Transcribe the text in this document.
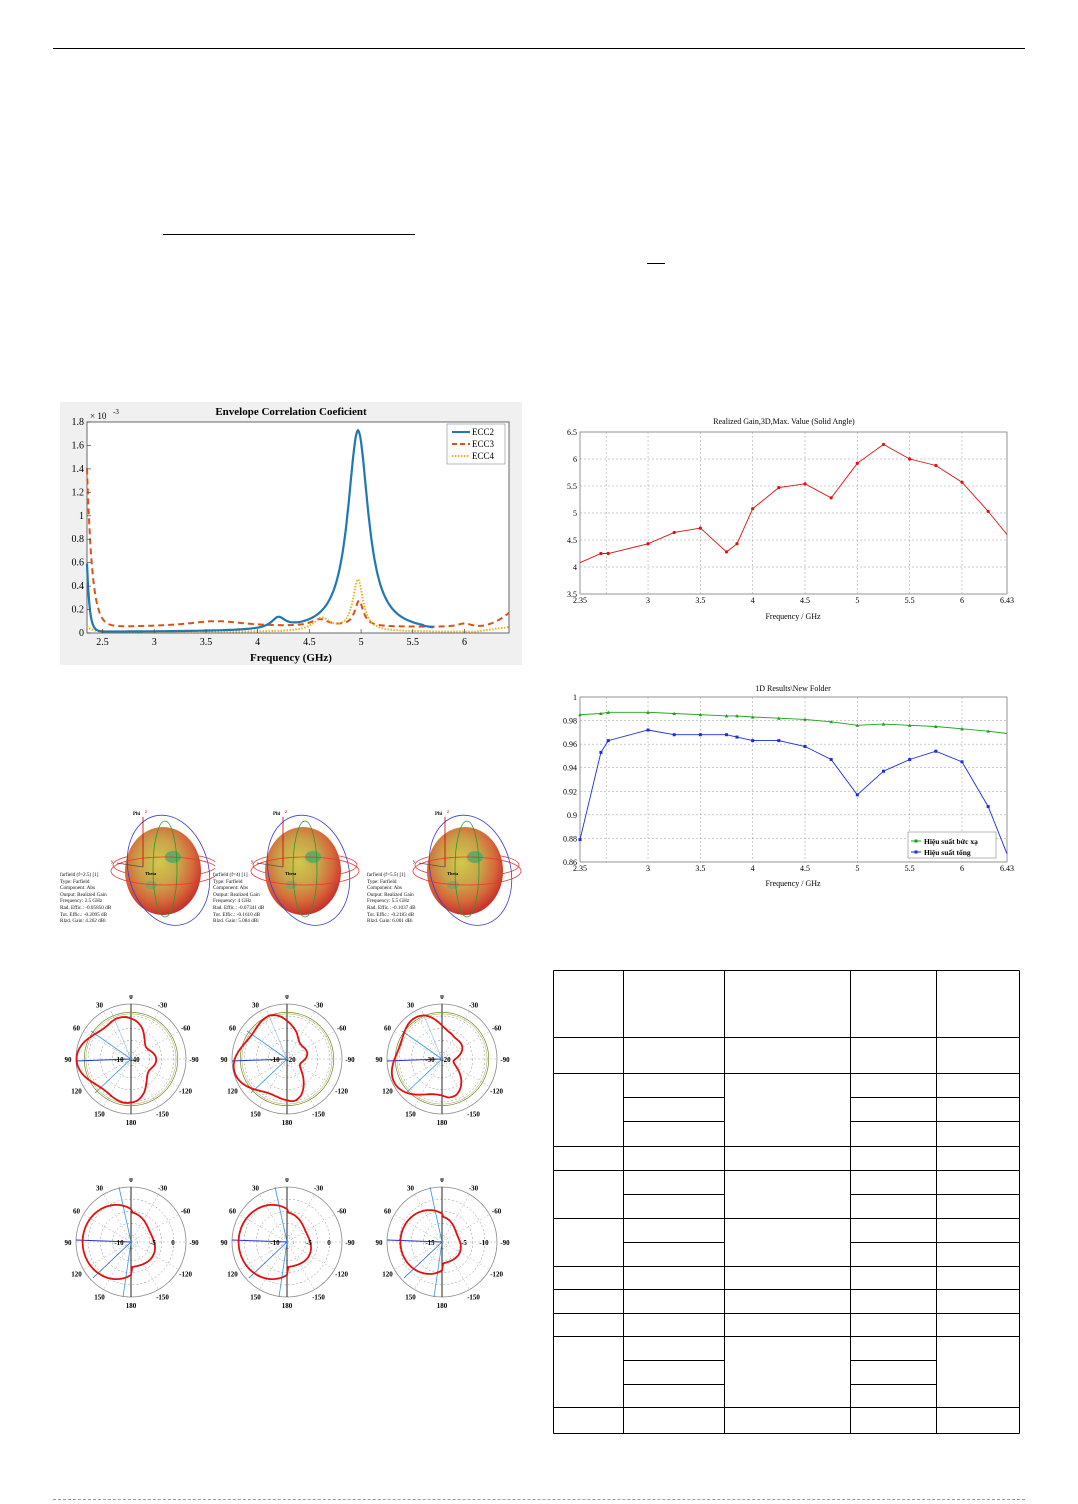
Envelope Correlation Coeficient
× 10 -3
Frequency (GHz)
2.5	3	3.5	4	4.5	5	5.5	6
0
0.2
0.4
0.6
0.8
1
1.2
1.4
1.6
1.8
ECC2
ECC3
ECC4
Realized Gain,3D,Max. Value (Solid Angle)
2.35	3	3.5	4	4.5	5	5.5	6	6.43
3.5
4
4.5
5
5.5
6
6.5
Frequency / GHz
1D Results\New Folder
2.35	3	3.5	4	4.5	5	5.5	6	6.43
0.86
0.88
0.9
0.92
0.94
0.96
0.98
1
Hiệu suất bức xạ
Hiệu suất tổng
Frequency / GHz
Phi z
y
Theta
farfield (f=2.5) [1]
Type: Farfield
Component: Abs
Output: Realized Gain
Frequency: 2.5 GHz
Rad. Effic.: -0.05850 dB
Tot. Effic.: -0.2095 dB
Rlzd. Gain: 4.262 dBi
Phi z
y
Theta
farfield (f=4) [1]
Type: Farfield
Component: Abs
Output: Realized Gain
Frequency: 4 GHz
Rad. Effic.: -0.07341 dB
Tot. Effic.: -0.1610 dB
Rlzd. Gain: 5.084 dBi
Phi z
y
Theta
farfield (f=5.5) [1]
Type: Farfield
Component: Abs
Output: Realized Gain
Frequency: 5.5 GHz
Rad. Effic.: -0.1037 dB
Tot. Effic.: -0.2183 dB
Rlzd. Gain: 6.001 dBi
0
-30
-60
-90
-120
-150
180
150
120
90
60
30
-10 -40
0
-30
-60
-90
-120
-150
180
150
120
90
60
30
-10 -20
0
-30
-60
-90
-120
-150
180
150
120
90
60
30
-30 -20
0
-30
-60
-90
-120
-150
180
150
120
90
60
30
0
-5
-10
0
-30
-60
-90
-120
-150
180
150
120
90
60
30
0
-5
-10
0
-30
-60
-90
-120
-150
180
150
120
90
60
30
-10
-5
-15
